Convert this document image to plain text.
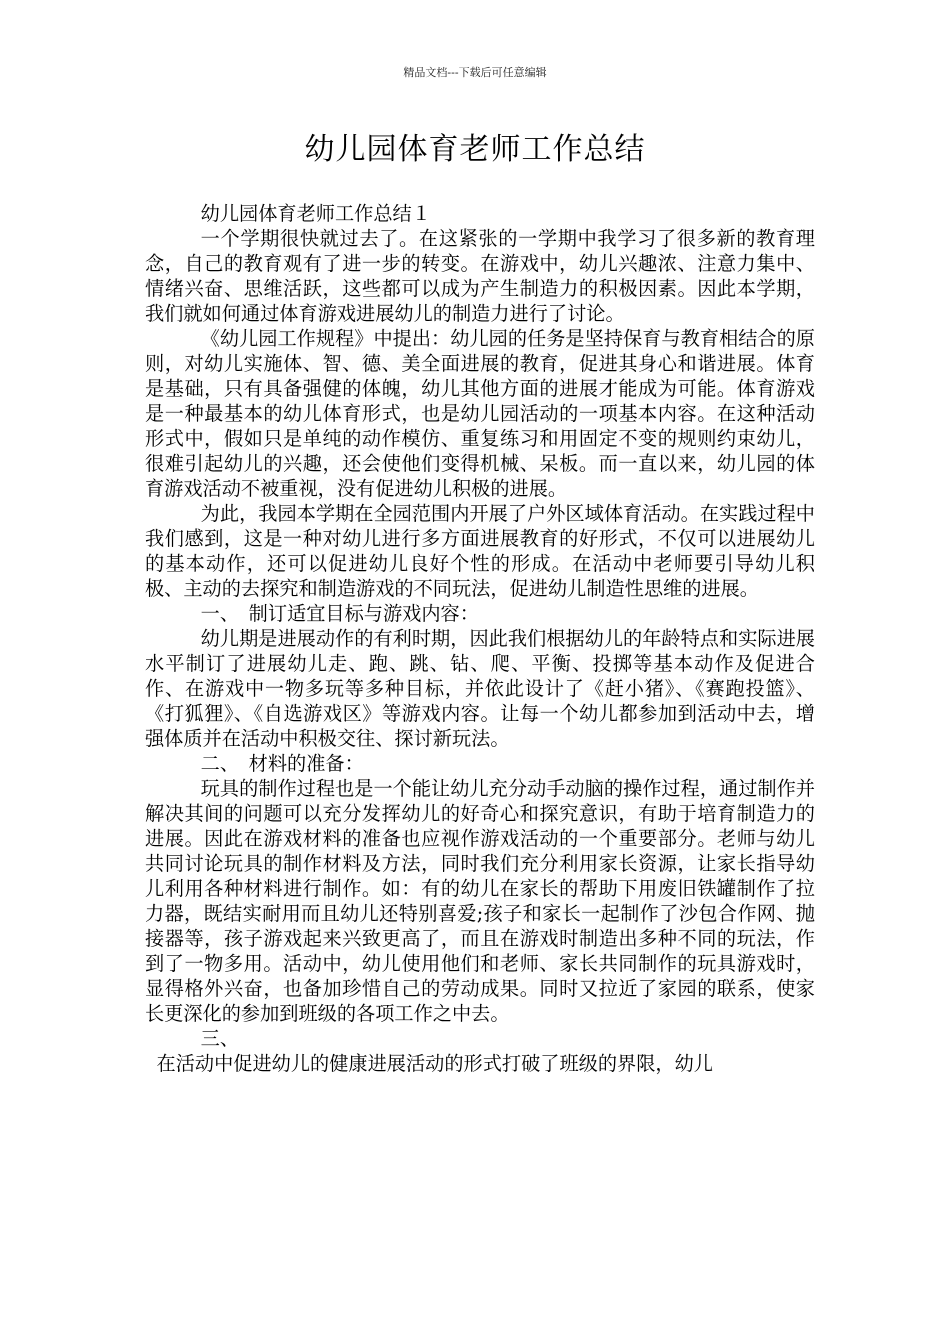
精品文档---下载后可任意编辑
幼儿园体育老师工作总结

幼儿园体育老师工作总结１

一个学期很快就过去了。在这紧张的一学期中我学习了很多新的教育理念，自己的教育观有了进一步的转变。在游戏中，幼儿兴趣浓、注意力集中、情绪兴奋、思维活跃，这些都可以成为产生制造力的积极因素。因此本学期，我们就如何通过体育游戏进展幼儿的制造力进行了讨论。

《幼儿园工作规程》中提出：幼儿园的任务是坚持保育与教育相结合的原则，对幼儿实施体、智、德、美全面进展的教育，促进其身心和谐进展。体育是基础，只有具备强健的体魄，幼儿其他方面的进展才能成为可能。体育游戏是一种最基本的幼儿体育形式，也是幼儿园活动的一项基本内容。在这种活动形式中，假如只是单纯的动作模仿、重复练习和用固定不变的规则约束幼儿，很难引起幼儿的兴趣，还会使他们变得机械、呆板。而一直以来，幼儿园的体育游戏活动不被重视，没有促进幼儿积极的进展。

为此，我园本学期在全园范围内开展了户外区域体育活动。在实践过程中我们感到，这是一种对幼儿进行多方面进展教育的好形式，不仅可以进展幼儿的基本动作，还可以促进幼儿良好个性的形成。在活动中老师要引导幼儿积极、主动的去探究和制造游戏的不同玩法，促进幼儿制造性思维的进展。

一、　制订适宜目标与游戏内容：

幼儿期是进展动作的有利时期，因此我们根据幼儿的年龄特点和实际进展水平制订了进展幼儿走、跑、跳、钻、爬、平衡、投掷等基本动作及促进合作、在游戏中一物多玩等多种目标，并依此设计了《赶小猪》、《赛跑投篮》、《打狐狸》、《自选游戏区》等游戏内容。让每一个幼儿都参加到活动中去，增强体质并在活动中积极交往、探讨新玩法。

二、　材料的准备：

玩具的制作过程也是一个能让幼儿充分动手动脑的操作过程，通过制作并解决其间的问题可以充分发挥幼儿的好奇心和探究意识，有助于培育制造力的进展。因此在游戏材料的准备也应视作游戏活动的一个重要部分。老师与幼儿共同讨论玩具的制作材料及方法，同时我们充分利用家长资源，让家长指导幼儿利用各种材料进行制作。如：有的幼儿在家长的帮助下用废旧铁罐制作了拉力器，既结实耐用而且幼儿还特别喜爱;孩子和家长一起制作了沙包合作网、抛接器等，孩子游戏起来兴致更高了，而且在游戏时制造出多种不同的玩法，作到了一物多用。活动中，幼儿使用他们和老师、家长共同制作的玩具游戏时，显得格外兴奋，也备加珍惜自己的劳动成果。同时又拉近了家园的联系，使家长更深化的参加到班级的各项工作之中去。

三、

在活动中促进幼儿的健康进展活动的形式打破了班级的界限，幼儿
